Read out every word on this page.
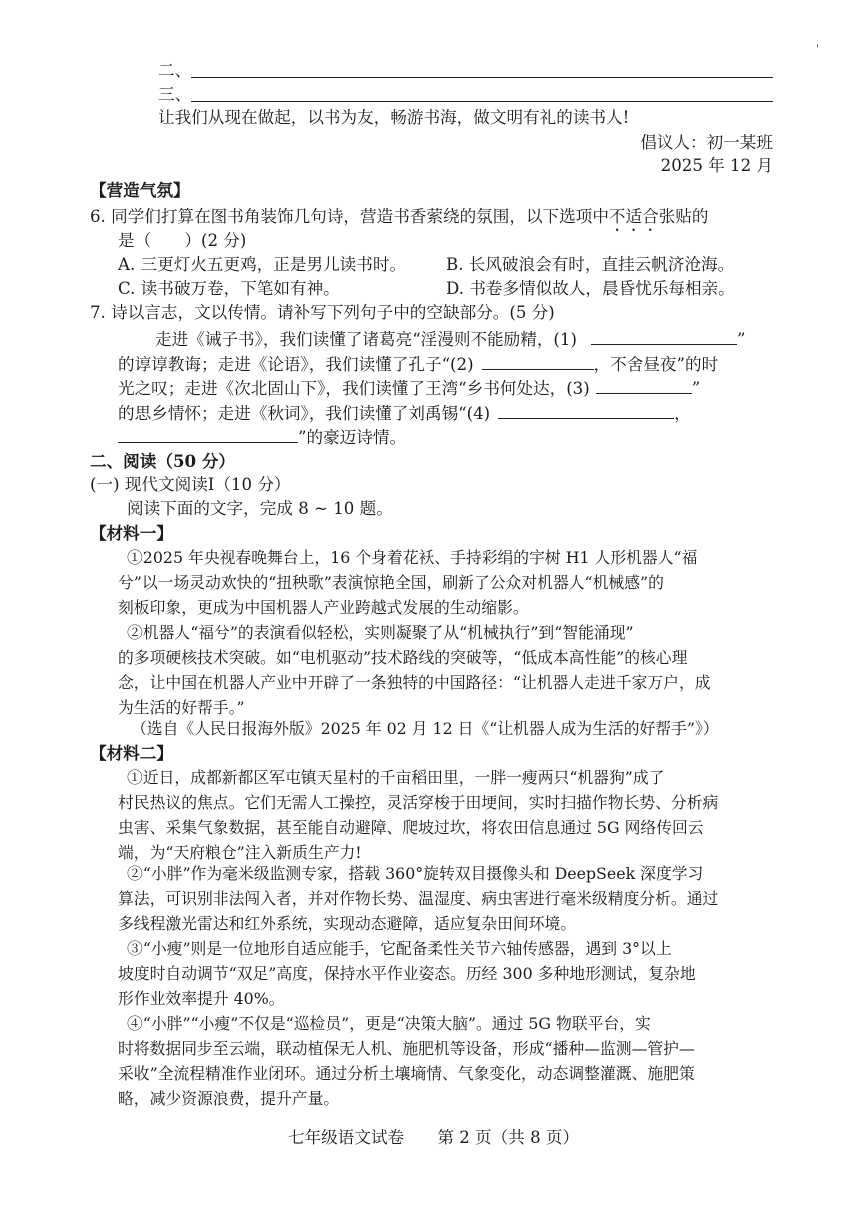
'
二、
三、
让我们从现在做起，以书为友，畅游书海，做文明有礼的读书人!
倡议人：初一某班
2025 年 12 月
【营造气氛】
6. 同学们打算在图书角装饰几句诗，营造书香萦绕的氛围，以下选项中不适合张贴的
是（　　）(2 分)
A. 三更灯火五更鸡，正是男儿读书时。 B. 长风破浪会有时，直挂云帆济沧海。
C. 读书破万卷，下笔如有神。	D. 书卷多情似故人，晨昏忧乐每相亲。
7. 诗以言志，文以传情。请补写下列句子中的空缺部分。(5 分)
走进《诫子书》，我们读懂了诸葛亮“淫漫则不能励精，(1)	”
的谆谆教诲；走进《论语》，我们读懂了孔子“(2)	，不舍昼夜”的时
光之叹；走进《次北固山下》，我们读懂了王湾“乡书何处达，(3)	”
的思乡情怀；走进《秋词》，我们读懂了刘禹锡“(4)	，
”的豪迈诗情。
二、阅读（50 分）
(一) 现代文阅读Ⅰ（10 分）
阅读下面的文字，完成 8 ~ 10 题。
【材料一】
①2025 年央视春晚舞台上，16 个身着花袄、手持彩绢的宇树 H1 人形机器人“福
兮”以一场灵动欢快的“扭秧歌”表演惊艳全国，刷新了公众对机器人“机械感”的
刻板印象，更成为中国机器人产业跨越式发展的生动缩影。
②机器人“福兮”的表演看似轻松，实则凝聚了从“机械执行”到“智能涌现”
的多项硬核技术突破。如“电机驱动”技术路线的突破等，“低成本高性能”的核心理
念，让中国在机器人产业中开辟了一条独特的中国路径：“让机器人走进千家万户，成
为生活的好帮手。”
（选自《人民日报海外版》2025 年 02 月 12 日《“让机器人成为生活的好帮手”》）
【材料二】
①近日，成都新都区军屯镇天星村的千亩稻田里，一胖一瘦两只“机器狗”成了
村民热议的焦点。它们无需人工操控，灵活穿梭于田埂间，实时扫描作物长势、分析病
虫害、采集气象数据，甚至能自动避障、爬坡过坎，将农田信息通过 5G 网络传回云
端，为“天府粮仓”注入新质生产力!
②“小胖”作为毫米级监测专家，搭载 360°旋转双目摄像头和 DeepSeek 深度学习
算法，可识别非法闯入者，并对作物长势、温湿度、病虫害进行毫米级精度分析。通过
多线程激光雷达和红外系统，实现动态避障，适应复杂田间环境。
③“小瘦”则是一位地形自适应能手，它配备柔性关节六轴传感器，遇到 3°以上
坡度时自动调节“双足”高度，保持水平作业姿态。历经 300 多种地形测试，复杂地
形作业效率提升 40%。
④“小胖”“小瘦”不仅是“巡检员”，更是“决策大脑”。通过 5G 物联平台，实
时将数据同步至云端，联动植保无人机、施肥机等设备，形成“播种—监测—管护—
采收”全流程精准作业闭环。通过分析土壤墒情、气象变化，动态调整灌溉、施肥策
略，减少资源浪费，提升产量。
七年级语文试卷　　第 2 页（共 8 页）
